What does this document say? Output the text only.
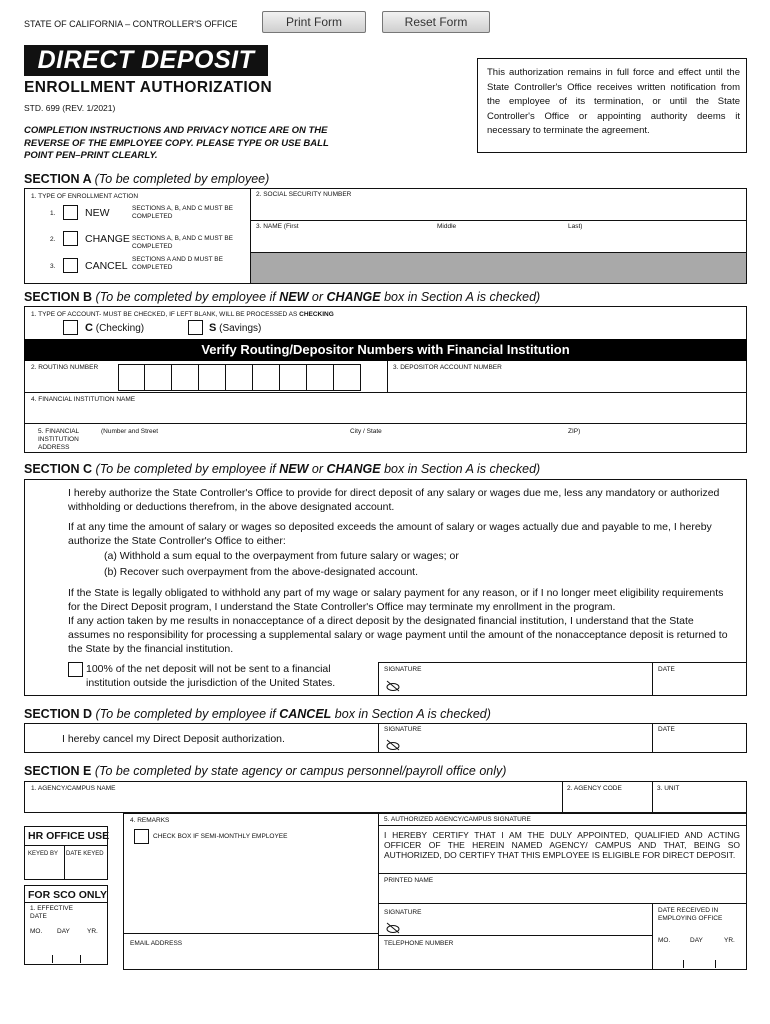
STATE OF CALIFORNIA – CONTROLLER'S OFFICE	Print Form	Reset Form
DIRECT DEPOSIT
ENROLLMENT AUTHORIZATION
STD. 699 (REV. 1/2021)
COMPLETION INSTRUCTIONS AND PRIVACY NOTICE ARE ON THE REVERSE OF THE EMPLOYEE COPY. PLEASE TYPE OR USE BALL POINT PEN–PRINT CLEARLY.
This authorization remains in full force and effect until the State Controller's Office receives written notification from the employee of its termination, or until the State Controller's Office or appointing authority deems it necessary to terminate the agreement.
SECTION A (To be completed by employee)
1. TYPE OF ENROLLMENT ACTION
1.	NEW	SECTIONS A, B, AND C MUST BE COMPLETED
2.	CHANGE SECTIONS A, B, AND C MUST BE COMPLETED
3.	CANCEL
SECTIONS A AND D MUST BE COMPLETED
2. SOCIAL SECURITY NUMBER
3. NAME (First	Middle	Last)
SECTION B (To be completed by employee if NEW or CHANGE box in Section A is checked)
1. TYPE OF ACCOUNT- MUST BE CHECKED, IF LEFT BLANK, WILL BE PROCESSED AS CHECKING
C (Checking)	S (Savings)
Verify Routing/Depositor Numbers with Financial Institution
2. ROUTING NUMBER	3. DEPOSITOR ACCOUNT NUMBER
4. FINANCIAL INSTITUTION NAME
5. FINANCIAL INSTITUTION ADDRESS
(Number and Street	City / State	ZIP)
SECTION C (To be completed by employee if NEW or CHANGE box in Section A is checked)
I hereby authorize the State Controller's Office to provide for direct deposit of any salary or wages due me, less any mandatory or authorized withholding or deductions therefrom, in the above designated account.
If at any time the amount of salary or wages so deposited exceeds the amount of salary or wages actually due and payable to me, I hereby authorize the State Controller's Office to either:
(a) Withhold a sum equal to the overpayment from future salary or wages; or
(b) Recover such overpayment from the above-designated account.
If the State is legally obligated to withhold any part of my wage or salary payment for any reason, or if I no longer meet eligibility requirements for the Direct Deposit program, I understand the State Controller's Office may terminate my enrollment in the program.
If any action taken by me results in nonacceptance of a direct deposit by the designated financial institution, I understand that the State assumes no responsibility for processing a supplemental salary or wage payment until the amount of the nonacceptance deposit is returned to the State by the financial institution.
100% of the net deposit will not be sent to a financial institution outside the jurisdiction of the United States.
SIGNATURE	DATE
SECTION D (To be completed by employee if CANCEL box in Section A is checked)
I hereby cancel my Direct Deposit authorization.
SIGNATURE	DATE
SECTION E (To be completed by state agency or campus personnel/payroll office only)
1. AGENCY/CAMPUS NAME	2. AGENCY CODE	3. UNIT
4. REMARKS
CHECK BOX IF SEMI-MONTHLY EMPLOYEE
EMAIL ADDRESS
5. AUTHORIZED AGENCY/CAMPUS SIGNATURE
I HEREBY CERTIFY THAT I AM THE DULY APPOINTED, QUALIFIED AND ACTING OFFICER OF THE HEREIN NAMED AGENCY/ CAMPUS AND THAT, BEING SO AUTHORIZED, DO CERTIFY THAT THIS EMPLOYEE IS ELIGIBLE FOR DIRECT DEPOSIT.
PRINTED NAME
SIGNATURE
TELEPHONE NUMBER
DATE RECEIVED IN EMPLOYING OFFICE
MO.	DAY	YR.
HR OFFICE USE
KEYED BY DATE KEYED
FOR SCO ONLY
1. EFFECTIVE DATE
MO. DAY	YR.
